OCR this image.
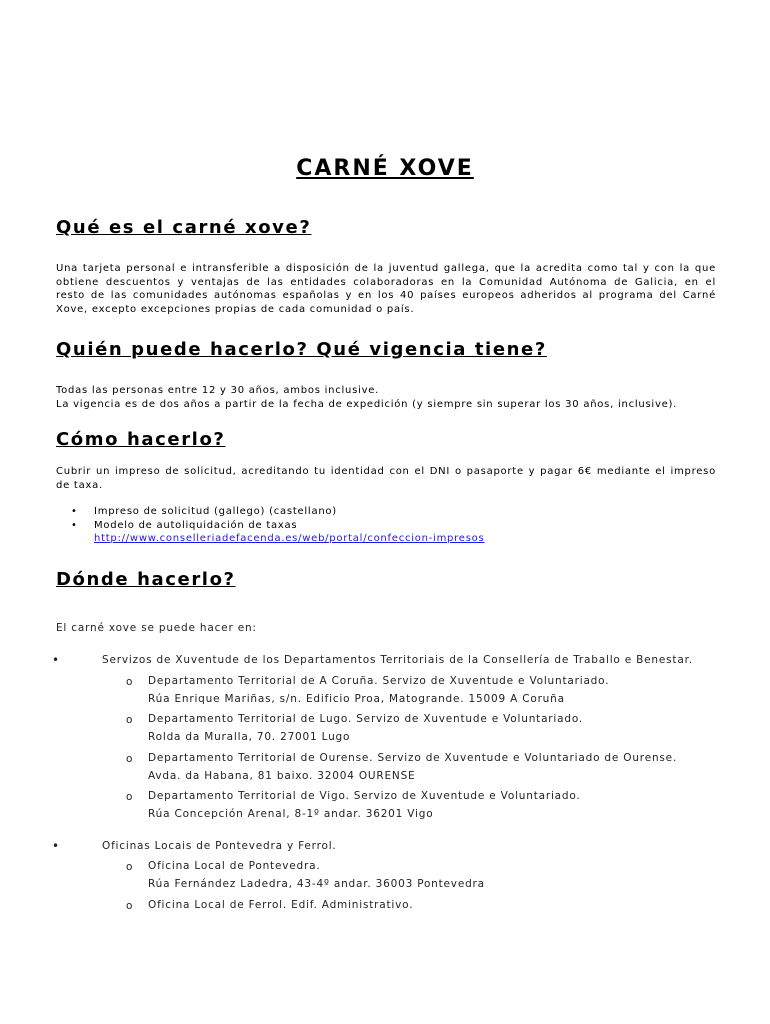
CARNÉ XOVE
Qué es el carné xove?
Una tarjeta personal e intransferible a disposición de la juventud gallega, que la acredita como tal y con la que
obtiene descuentos y ventajas de las entidades colaboradoras en la Comunidad Autónoma de Galicia, en el
resto de las comunidades autónomas españolas y en los 40 países europeos adheridos al programa del Carné
Xove, excepto excepciones propias de cada comunidad o país.
Quién puede hacerlo? Qué vigencia tiene?
Todas las personas entre 12 y 30 años, ambos inclusive.
La vigencia es de dos años a partir de la fecha de expedición (y siempre sin superar los 30 años, inclusive).
Cómo hacerlo?
Cubrir un impreso de solicitud, acreditando tu identidad con el DNI o pasaporte y pagar 6€ mediante el impreso
de taxa.
• Impreso de solicitud (gallego) (castellano)
• Modelo de autoliquidación de taxas
http://www.conselleriadefacenda.es/web/portal/confeccion-impresos
Dónde hacerlo?

El carné xove se puede hacer en:

•	Servizos de Xuventude de los Departamentos Territoriais de la Consellería de Traballo e Benestar.

o Departamento Territorial de A Coruña. Servizo de Xuventude e Voluntariado.

Rúa Enrique Mariñas, s/n. Edificio Proa, Matogrande. 15009 A Coruña

o Departamento Territorial de Lugo. Servizo de Xuventude e Voluntariado.

Rolda da Muralla, 70. 27001 Lugo

o Departamento Territorial de Ourense. Servizo de Xuventude e Voluntariado de Ourense.

Avda. da Habana, 81 baixo. 32004 OURENSE

o Departamento Territorial de Vigo. Servizo de Xuventude e Voluntariado.

Rúa Concepción Arenal, 8-1º andar. 36201 Vigo

•	Oficinas Locais de Pontevedra y Ferrol.

o Oficina Local de Pontevedra.

Rúa Fernández Ladedra, 43-4º andar. 36003 Pontevedra

o Oficina Local de Ferrol. Edif. Administrativo.
